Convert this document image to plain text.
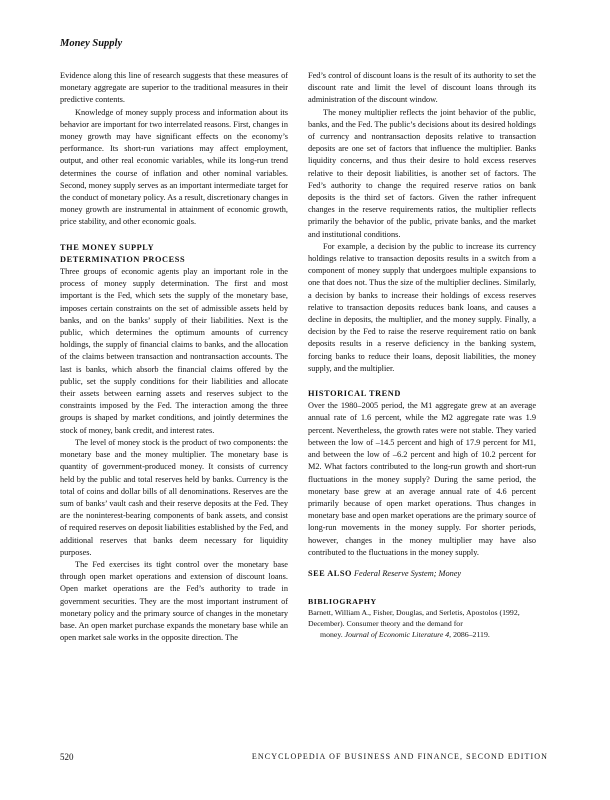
Money Supply

Evidence along this line of research suggests that these measures of monetary aggregate are superior to the traditional measures in their predictive contents.

Knowledge of money supply process and information about its behavior are important for two interrelated reasons. First, changes in money growth may have significant effects on the economy’s performance. Its short-run variations may affect employment, output, and other real economic variables, while its long-run trend determines the course of inflation and other nominal variables. Second, money supply serves as an important intermediate target for the conduct of monetary policy. As a result, discretionary changes in money growth are instrumental in attainment of economic growth, price stability, and other economic goals.

THE MONEY SUPPLY
DETERMINATION PROCESS

Three groups of economic agents play an important role in the process of money supply determination. The first and most important is the Fed, which sets the supply of the monetary base, imposes certain constraints on the set of admissible assets held by banks, and on the banks’ supply of their liabilities. Next is the public, which determines the optimum amounts of currency holdings, the supply of financial claims to banks, and the allocation of the claims between transaction and nontransaction accounts. The last is banks, which absorb the financial claims offered by the public, set the supply conditions for their liabilities and allocate their assets between earning assets and reserves subject to the constraints imposed by the Fed. The interaction among the three groups is shaped by market conditions, and jointly determines the stock of money, bank credit, and interest rates.

The level of money stock is the product of two components: the monetary base and the money multiplier. The monetary base is quantity of government-produced money. It consists of currency held by the public and total reserves held by banks. Currency is the total of coins and dollar bills of all denominations. Reserves are the sum of banks’ vault cash and their reserve deposits at the Fed. They are the noninterest-bearing components of bank assets, and consist of required reserves on deposit liabilities established by the Fed, and additional reserves that banks deem necessary for liquidity purposes.

The Fed exercises its tight control over the monetary base through open market operations and extension of discount loans. Open market operations are the Fed’s authority to trade in government securities. They are the most important instrument of monetary policy and the primary source of changes in the monetary base. An open market purchase expands the monetary base while an open market sale works in the opposite direction. The

Fed’s control of discount loans is the result of its authority to set the discount rate and limit the level of discount loans through its administration of the discount window.

The money multiplier reflects the joint behavior of the public, banks, and the Fed. The public’s decisions about its desired holdings of currency and nontransaction deposits relative to transaction deposits are one set of factors that influence the multiplier. Banks liquidity concerns, and thus their desire to hold excess reserves relative to their deposit liabilities, is another set of factors. The Fed’s authority to change the required reserve ratios on bank deposits is the third set of factors. Given the rather infrequent changes in the reserve requirements ratios, the multiplier reflects primarily the behavior of the public, private banks, and the market and institutional conditions.

For example, a decision by the public to increase its currency holdings relative to transaction deposits results in a switch from a component of money supply that undergoes multiple expansions to one that does not. Thus the size of the multiplier declines. Similarly, a decision by banks to increase their holdings of excess reserves relative to transaction deposits reduces bank loans, and causes a decline in deposits, the multiplier, and the money supply. Finally, a decision by the Fed to raise the reserve requirement ratio on bank deposits results in a reserve deficiency in the banking system, forcing banks to reduce their loans, deposit liabilities, the money supply, and the multiplier.

HISTORICAL TREND

Over the 1980–2005 period, the M1 aggregate grew at an average annual rate of 1.6 percent, while the M2 aggregate rate was 1.9 percent. Nevertheless, the growth rates were not stable. They varied between the low of –14.5 percent and high of 17.9 percent for M1, and between the low of –6.2 percent and high of 10.2 percent for M2. What factors contributed to the long-run growth and short-run fluctuations in the money supply? During the same period, the monetary base grew at an average annual rate of 4.6 percent primarily because of open market operations. Thus changes in monetary base and open market operations are the primary source of long-run movements in the money supply. For shorter periods, however, changes in the money multiplier may have also contributed to the fluctuations in the money supply.

SEE ALSO Federal Reserve System; Money

BIBLIOGRAPHY

Barnett, William A., Fisher, Douglas, and Serletis, Apostolos (1992, December). Consumer theory and the demand for
money. Journal of Economic Literature 4, 2086–2119.

520	ENCYCLOPEDIA OF BUSINESS AND FINANCE, SECOND EDITION
